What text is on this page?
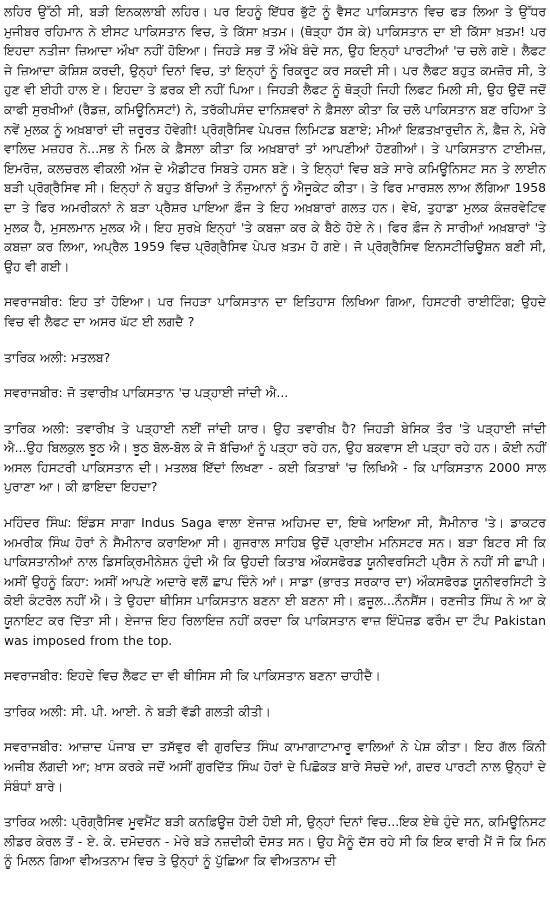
ਲਹਿਰ ਉੱਠੀ ਸੀ, ਬੜੀ ਇਨਕਲਾਬੀ ਲਹਿਰ। ਪਰ ਇਹਨੂੰ ਇੱਧਰ ਭੁੱਟੋ ਨੂੰ ਵੈਸਟ ਪਾਕਿਸਤਾਨ ਵਿਚ ਫੜ ਲਿਆ ਤੇ ਉੱਧਰ ਮੁਜੀਬਰ ਰਹਿਮਾਨ ਨੇ ਈਸਟ ਪਾਕਿਸਤਾਨ ਵਿਚ, ਤੇ ਕਿੱਸਾ ਖ਼ਤਮ। (ਥੋੜ੍ਹਾ ਹੱਸ ਕੇ) ਪਾਕਿਸਤਾਨ ਦਾ ਈ ਕਿੱਸਾ ਖ਼ਤਮ! ਪਰ ਇਹਦਾ ਨਤੀਜਾ ਜ਼ਿਆਦਾ ਔਖਾ ਨਹੀਂ ਹੋਇਆ। ਜਿਹੜੇ ਸਭ ਤੋਂ ਔਖੇ ਬੰਦੇ ਸਨ, ਉਹ ਇਨ੍ਹਾਂ ਪਾਰਟੀਆਂ 'ਚ ਚਲੇ ਗਏ। ਲੈਫਟ ਜੇ ਜ਼ਿਆਦਾ ਕੋਸ਼ਿਸ਼ ਕਰਦੀ, ਉਨ੍ਹਾਂ ਦਿਨਾਂ ਵਿਚ, ਤਾਂ ਇਨ੍ਹਾਂ ਨੂੰ ਰਿਕਰੂਟ ਕਰ ਸਕਦੀ ਸੀ। ਪਰ ਲੈਫਟ ਬਹੁਤ ਕਮਜ਼ੋਰ ਸੀ, ਤੇ ਹੁਣ ਵੀ ਈਹੀ ਹਾਲ ਏ। ਇਹਦਾ ਤੇ ਫ਼ਰਕ ਈ ਨਹੀਂ ਪਿਆ। ਜਿਹੜੀ ਲੈਫਟ ਨੂੰ ਥੋੜ੍ਹੀ ਜਿਹੀ ਲਿਫਟ ਮਿਲੀ ਸੀ, ਉਹ ਉਦੋਂ ਜਦੋਂ ਕਾਫੀ ਸੁਰਖ਼ੀਆਂ (ਰੈਡਜ਼, ਕਮਿਊਨਿਸਟਾਂ) ਨੇ, ਤਰੱਕੀਪਸੰਦ ਦਾਨਿਸ਼ਵਰਾਂ ਨੇ ਫ਼ੈਸਲਾ ਕੀਤਾ ਕਿ ਚਲੋ ਪਾਕਿਸਤਾਨ ਬਣ ਰਹਿਆ ਤੇ ਨਵੇਂ ਮੁਲਕ ਨੂੰ ਅਖ਼ਬਾਰਾਂ ਦੀ ਜ਼ਰੂਰਤ ਹੋਵੇਗੀ! ਪ੍ਰੋਗ੍ਰੈਸਿਵ ਪੇਪਰਜ਼ ਲਿਮਿਟਡ ਬਣਾਏ; ਮੀਆਂ ਇਫ਼ਤਖ਼ਾਰੁਦੀਨ ਨੇ, ਫ਼ੈਜ਼ ਨੇ, ਮੇਰੇ ਵਾਲਿਦ ਮਜ਼ਹਰ ਨੇ...ਸਭ ਨੇ ਮਿਲ ਕੇ ਫ਼ੈਸਲਾ ਕੀਤਾ ਕਿ ਅਖ਼ਬਾਰਾਂ ਤਾਂ ਆਪਣੀਆਂ ਹੋਣਗੀਆਂ। ਤੇ ਪਾਕਿਸਤਾਨ ਟਾਈਮਜ਼, ਇਮਰੋਜ਼, ਕਲਚਰਲ ਵੀਕਲੀ ਅੱਜ ਦੇ ਐਡੀਟਰ ਸਿਬਤੇ ਹਸਨ ਬਣੇ। ਤੇ ਇਨ੍ਹਾਂ ਵਿਚ ਬੜੇ ਸਾਰੇ ਕਮਿਊਨਿਸਟ ਸਨ ਤੇ ਲਾਈਨ ਬੜੀ ਪ੍ਰੋਗ੍ਰੈਸਿਵ ਸੀ। ਇਨ੍ਹਾਂ ਨੇ ਬਹੁਤ ਬੱਚਿਆਂ ਤੇ ਨੌਜੁਆਨਾਂ ਨੂੰ ਐਜੂਕੇਟ ਕੀਤਾ। ਤੇ ਫਿਰ ਮਾਰਸ਼ਲ ਲਾਅ ਲੱਗਿਆ 1958 ਦਾ ਤੇ ਫਿਰ ਅਮਰੀਕਨਾਂ ਨੇ ਬੜਾ ਪ੍ਰੈਸ਼ਰ ਪਾਇਆ ਫ਼ੌਜ ਤੇ ਇਹ ਅਖ਼ਬਾਰਾਂ ਗਲਤ ਹਨ। ਵੇਖੋ, ਤੁਹਾਡਾ ਮੁਲਕ ਕੰਜ਼ਰਵੇਟਿਵ ਮੁਲਕ ਹੈ, ਮੁਸਲਮਾਨ ਮੁਲਕ ਐ। ਇਹ ਸੁਰਖ਼ੇ ਇਨ੍ਹਾਂ 'ਤੇ ਕਬਜ਼ਾ ਕਰ ਕੇ ਬੈਠੇ ਹੋਏ ਨੇ। ਫਿਰ ਫ਼ੌਜ ਨੇ ਸਾਰੀਆਂ ਅਖ਼ਬਾਰਾਂ 'ਤੇ ਕਬਜ਼ਾ ਕਰ ਲਿਆ, ਅਪ੍ਰੈਲ 1959 ਵਿਚ ਪ੍ਰੋਗ੍ਰੈਸਿਵ ਪੇਪਰ ਖ਼ਤਮ ਹੋ ਗਏ। ਜੋ ਪ੍ਰੋਗ੍ਰੈਸਿਵ ਇਨਸਟੀਚਿਊਸ਼ਨ ਬਣੀ ਸੀ, ਉਹ ਵੀ ਗਈ।

ਸਵਰਾਜਬੀਰ: ਇਹ ਤਾਂ ਹੋਇਆ। ਪਰ ਜਿਹੜਾ ਪਾਕਿਸਤਾਨ ਦਾ ਇਤਿਹਾਸ ਲਿਖਿਆ ਗਿਆ, ਹਿਸਟਰੀ ਰਾਈਟਿੰਗ; ਉਹਦੇ ਵਿਚ ਵੀ ਲੈਫਟ ਦਾ ਅਸਰ ਘੱਟ ਈ ਲਗਦੈ ?

ਤਾਰਿਕ ਅਲੀ: ਮਤਲਬ?

ਸਵਰਾਜਬੀਰ: ਜੋ ਤਵਾਰੀਖ਼ ਪਾਕਿਸਤਾਨ 'ਚ ਪੜ੍ਹਾਈ ਜਾਂਦੀ ਐ...

ਤਾਰਿਕ ਅਲੀ: ਤਵਾਰੀਖ਼ ਤੇ ਪੜ੍ਹਾਈ ਨਈਂ ਜਾਂਦੀ ਯਾਰ। ਉਹ ਤਵਾਰੀਖ਼ ਹੈ? ਜਿਹੜੀ ਬੇਸਿਕ ਤੌਰ 'ਤੇ ਪੜ੍ਹਾਈ ਜਾਂਦੀ ਐ...ਉਹ ਬਿਲਕੁਲ ਝੂਠ ਐ। ਝੂਠ ਬੋਲ-ਬੋਲ ਕੇ ਜੋ ਬੱਚਿਆਂ ਨੂੰ ਪੜ੍ਹਾ ਰਹੇ ਹਨ, ਉਹ ਬਕਵਾਸ ਈ ਪੜ੍ਹਾ ਰਹੇ ਹਨ। ਕੋਈ ਨਹੀਂ ਅਸਲ ਹਿਸਟਰੀ ਪਾਕਿਸਤਾਨ ਦੀ। ਮਤਲਬ ਇੱਦਾਂ ਲਿਖਣਾ - ਕਈ ਕਿਤਾਬਾਂ 'ਚ ਲਿਖਿਐ - ਕਿ ਪਾਕਿਸਤਾਨ 2000 ਸਾਲ ਪੁਰਾਣਾ ਆ। ਕੀ ਫ਼ਾਇਦਾ ਇਹਦਾ?

ਮਹਿੰਦਰ ਸਿੰਘ: ਇੰਡਸ ਸਾਗਾ Indus Saga ਵਾਲਾ ਏਜਾਜ਼ ਅਹਿਮਦ ਦਾ, ਇਥੇ ਆਇਆ ਸੀ, ਸੈਮੀਨਾਰ 'ਤੇ। ਡਾਕਟਰ ਅਮਰੀਕ ਸਿੰਘ ਹੋਰਾਂ ਨੇ ਸੈਮੀਨਾਰ ਕਰਾਇਆ ਸੀ। ਗੁਜਰਾਲ ਸਾਹਿਬ ਉਦੋਂ ਪ੍ਰਾਈਮ ਮਨਿਸਟਰ ਸਨ। ਬੜਾ ਬਿਟਰ ਸੀ ਕਿ ਪਾਕਿਸਤਾਨੀਆਂ ਨਾਲ ਡਿਸਕ੍ਰਿਮੀਨੇਸ਼ਨ ਹੁੰਦੀ ਐ ਕਿ ਉਹਦੀ ਕਿਤਾਬ ਔਕਸਫੋਰਡ ਯੂਨੀਵਰਸਿਟੀ ਪ੍ਰੈਸ ਨੇ ਨਹੀਂ ਸੀ ਛਾਪੀ। ਅਸੀਂ ਉਹਨੂੰ ਕਿਹਾ: ਅਸੀਂ ਆਪਣੇ ਅਦਾਰੇ ਵਲੋਂ ਛਾਪ ਦਿੰਨੇ ਆਂ। ਸਾਡਾ (ਭਾਰਤ ਸਰਕਾਰ ਦਾ) ਔਕਸਫੋਰਡ ਯੂਨੀਵਰਸਿਟੀ ਤੇ ਕੋਈ ਕੰਟਰੋਲ ਨਹੀਂ ਐ। ਤੇ ਉਹਦਾ ਥੀਸਿਸ ਪਾਕਿਸਤਾਨ ਬਣਨਾ ਈ ਬਣਨਾ ਸੀ। ਫ਼ਜ਼ੂਲ...ਨੌਨਸੈਂਸ। ਰਣਜੀਤ ਸਿੰਘ ਨੇ ਆ ਕੇ ਯੂਨਾਇਟ ਕਰ ਦਿੱਤਾ ਸੀ। ਏਜਾਜ਼ ਇਹ ਰਿਲਾਇਜ਼ ਨਹੀਂ ਕਰਦਾ ਕਿ ਪਾਕਿਸਤਾਨ ਵਾਜ਼ ਇੰਪੋਜ਼ਡ ਫਰੌਮ ਦਾ ਟੌਪ Pakistan was imposed from the top.

ਸਵਰਾਜਬੀਰ: ਇਹਦੇ ਵਿਚ ਲੈਫਟ ਦਾ ਵੀ ਥੀਸਿਸ ਸੀ ਕਿ ਪਾਕਿਸਤਾਨ ਬਣਨਾ ਚਾਹੀਦੈ।

ਤਾਰਿਕ ਅਲੀ: ਸੀ. ਪੀ. ਆਈ. ਨੇ ਬੜੀ ਵੱਡੀ ਗਲਤੀ ਕੀਤੀ।

ਸਵਰਾਜਬੀਰ: ਆਜ਼ਾਦ ਪੰਜਾਬ ਦਾ ਤਸੱਵੁਰ ਵੀ ਗੁਰਦਿਤ ਸਿੰਘ ਕਾਮਾਗਾਟਾਮਾਰੂ ਵਾਲਿਆਂ ਨੇ ਪੇਸ਼ ਕੀਤਾ। ਇਹ ਗੱਲ ਕਿੰਨੀ ਅਜੀਬ ਲੱਗਦੀ ਆ; ਖ਼ਾਸ ਕਰਕੇ ਜਦੋਂ ਅਸੀਂ ਗੁਰਦਿੱਤ ਸਿੰਘ ਹੋਰਾਂ ਦੇ ਪਿਛੋਕੜ ਬਾਰੇ ਸੋਚਦੇ ਆਂ, ਗਦਰ ਪਾਰਟੀ ਨਾਲ ਉਨ੍ਹਾਂ ਦੇ ਸੰਬੰਧਾਂ ਬਾਰੇ।

ਤਾਰਿਕ ਅਲੀ: ਪ੍ਰੋਗ੍ਰੈਸਿਵ ਮੂਵਮੈਂਟ ਬੜੀ ਕਨਫ਼ਿਊਜ਼ ਹੋਈ ਹੋਈ ਸੀ, ਉਨ੍ਹਾਂ ਦਿਨਾਂ ਵਿਚ...ਇਕ ਏਥੇ ਹੁੰਦੇ ਸਨ, ਕਮਿਊਨਿਸਟ ਲੀਡਰ ਕੇਰਲ ਤੋਂ - ਏ. ਕੇ. ਦਮੋਦਰਨ - ਮੇਰੇ ਬੜੇ ਨਜ਼ਦੀਕੀ ਦੋਸਤ ਸਨ। ਉਹ ਮੈਨੂੰ ਦੱਸ ਰਹੇ ਸੀ ਕਿ ਇਕ ਵਾਰੀ ਮੈਂ ਜੋ ਕਿ ਮਿਨ ਨੂੰ ਮਿਲਨ ਗਿਆ ਵੀਅਤਨਾਮ ਵਿਚ ਤੇ ਉਨ੍ਹਾਂ ਨੂੰ ਪੁੱਛਿਆ ਕਿ ਵੀਅਤਨਾਮ ਦੀ
